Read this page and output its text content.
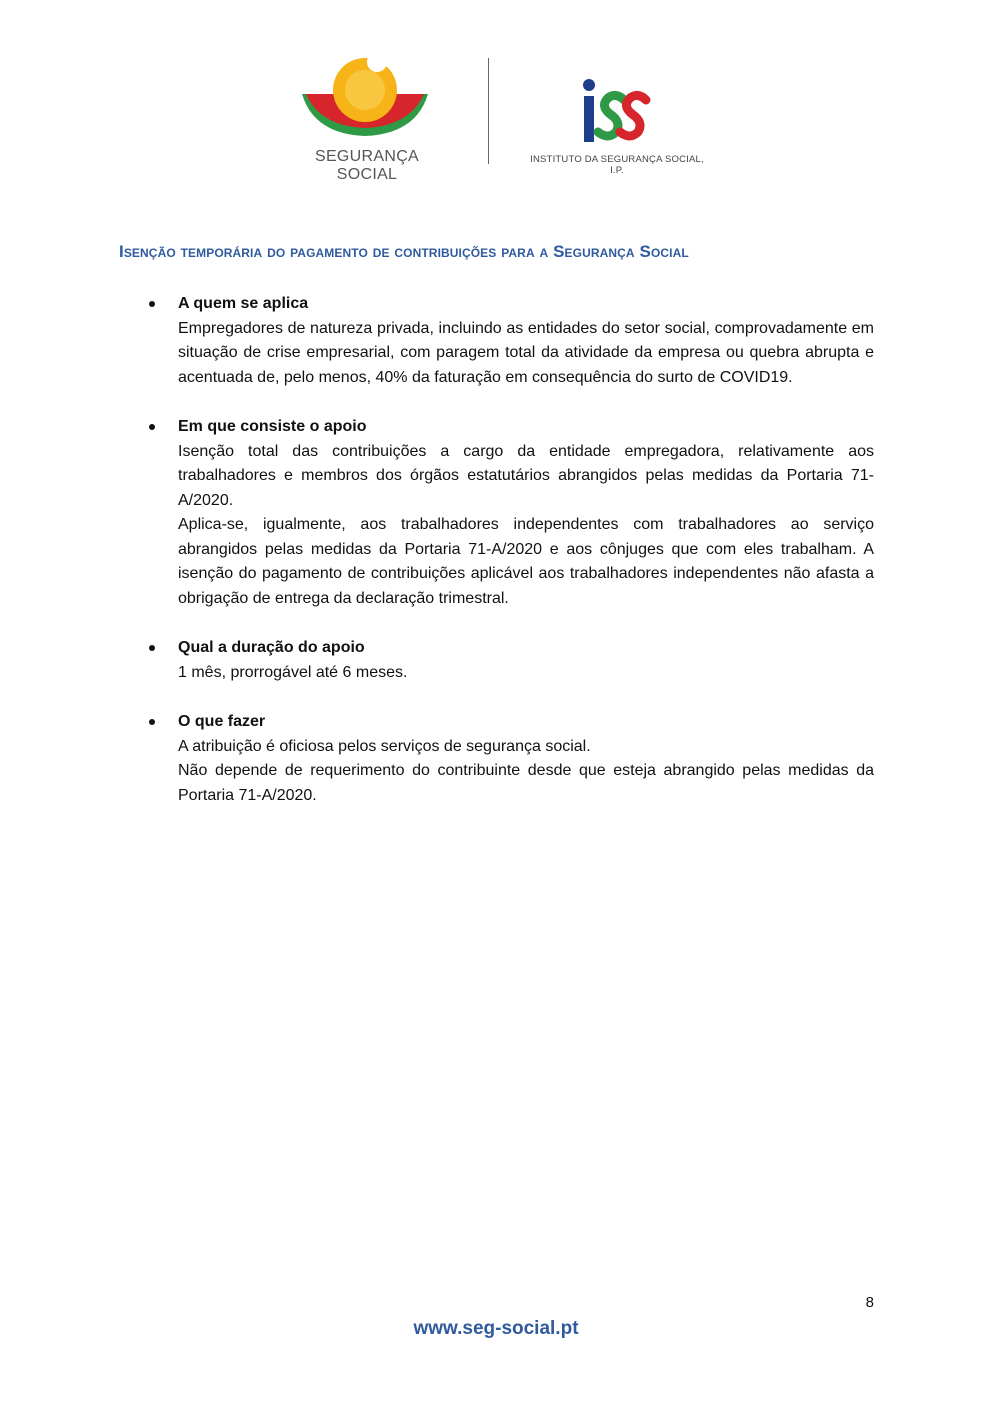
SEGURANÇA SOCIAL
INSTITUTO DA SEGURANÇA SOCIAL, I.P.
Isenção temporária do pagamento de contribuições para a Segurança Social
A quem se aplica
Empregadores de natureza privada, incluindo as entidades do setor social, comprovadamente em situação de crise empresarial, com paragem total da atividade da empresa ou quebra abrupta e acentuada de, pelo menos, 40% da faturação em consequência do surto de COVID19.
Em que consiste o apoio
Isenção total das contribuições a cargo da entidade empregadora, relativamente aos trabalhadores e membros dos órgãos estatutários abrangidos pelas medidas da Portaria 71-A/2020.
Aplica-se, igualmente, aos trabalhadores independentes com trabalhadores ao serviço abrangidos pelas medidas da Portaria 71-A/2020 e aos cônjuges que com eles trabalham. A isenção do pagamento de contribuições aplicável aos trabalhadores independentes não afasta a obrigação de entrega da declaração trimestral.
Qual a duração do apoio
1 mês, prorrogável até 6 meses.
O que fazer
A atribuição é oficiosa pelos serviços de segurança social.
Não depende de requerimento do contribuinte desde que esteja abrangido pelas medidas da Portaria 71-A/2020.
8
www.seg-social.pt
